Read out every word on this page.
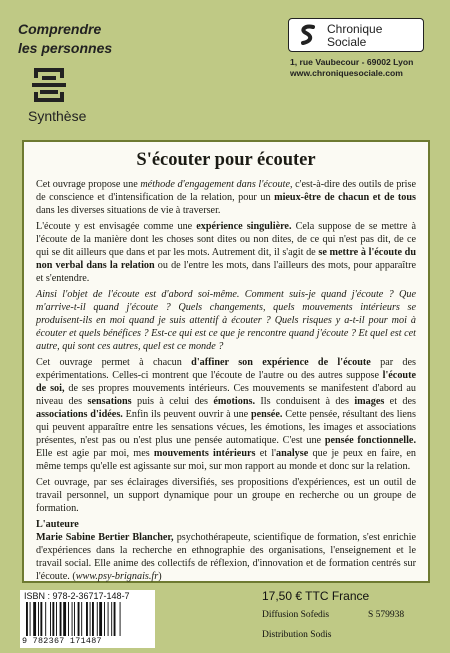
Comprendre
les personnes
Synthèse
Chronique
Sociale
1, rue Vaubecour - 69002 Lyon
www.chroniquesociale.com
S'écouter pour écouter

Cet ouvrage propose une méthode d'engagement dans l'écoute, c'est-à-dire des outils de prise de conscience et d'intensification de la relation, pour un mieux-être de chacun et de tous dans les diverses situations de vie à traverser.

L'écoute y est envisagée comme une expérience singulière. Cela suppose de se mettre à l'écoute de la manière dont les choses sont dites ou non dites, de ce qui n'est pas dit, de ce qui se dit ailleurs que dans et par les mots. Autrement dit, il s'agit de se mettre à l'écoute du non verbal dans la relation ou de l'entre les mots, dans l'ailleurs des mots, pour apparaître et s'entendre.

Ainsi l'objet de l'écoute est d'abord soi-même. Comment suis-je quand j'écoute ? Que m'arrive-t-il quand j'écoute ? Quels changements, quels mouvements intérieurs se produisent-ils en moi quand je suis attentif à écouter ? Quels risques y a-t-il pour moi à écouter et quels bénéfices ? Est-ce qui est ce que je rencontre quand j'écoute ? Et quel est cet autre, qui sont ces autres, quel est ce monde ?

Cet ouvrage permet à chacun d'affiner son expérience de l'écoute par des expérimentations. Celles-ci montrent que l'écoute de l'autre ou des autres suppose l'écoute de soi, de ses propres mouvements intérieurs. Ces mouvements se manifestent d'abord au niveau des sensations puis à celui des émotions. Ils conduisent à des images et des associations d'idées. Enfin ils peuvent ouvrir à une pensée. Cette pensée, résultant des liens qui peuvent apparaître entre les sensations vécues, les émotions, les images et associations présentes, n'est pas ou n'est plus une pensée automatique. C'est une pensée fonctionnelle. Elle est agie par moi, mes mouvements intérieurs et l'analyse que je peux en faire, en même temps qu'elle est agissante sur moi, sur mon rapport au monde et donc sur la relation.

Cet ouvrage, par ses éclairages diversifiés, ses propositions d'expériences, est un outil de travail personnel, un support dynamique pour un groupe en recherche ou un groupe de formation.

L'auteure

Marie Sabine Bertier Blancher, psychothérapeute, scientifique de formation, s'est enrichie d'expériences dans la recherche en ethnographie des organisations, l'enseignement et le travail social. Elle anime des collectifs de réflexion, d'innovation et de formation centrés sur l'écoute. (www.psy-brignais.fr)

ISBN : 978-2-36717-148-7
9 782367 171487
17,50 € TTC France
Diffusion Sofedis	S 579938
Distribution Sodis
